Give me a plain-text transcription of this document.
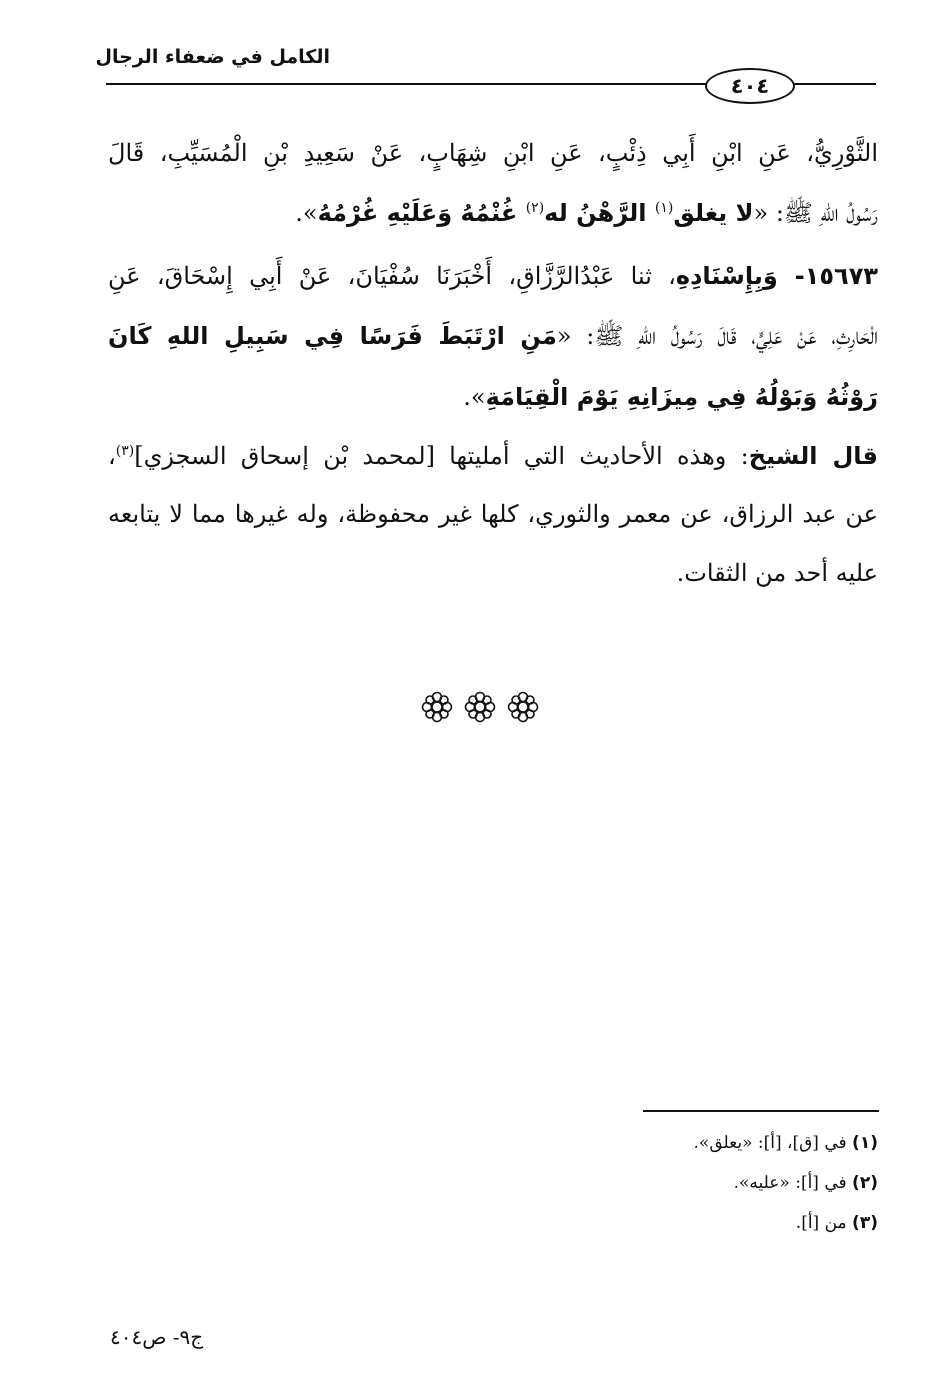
الكامل في ضعفاء الرجال
٤٠٤
الثَّوْرِيُّ، عَنِ ابْنِ أَبِي ذِئْبٍ، عَنِ ابْنِ شِهَابٍ، عَنْ سَعِيدِ بْنِ الْمُسَيِّبِ، قَالَ
رَسُولُ اللهِ ﷺ: «لا يغلق$^{(١)}$ الرَّهْنُ له$^{(٢)}$ غُنْمُهُ وَعَلَيْهِ غُرْمُهُ».
١٥٦٧٣- وَبِإِسْنَادِهِ، ثنا عَبْدُالرَّزَّاقِ، أَخْبَرَنَا سُفْيَانَ، عَنْ أَبِي إِسْحَاقَ، عَنِ
الْحَارِثِ، عَنْ عَلِيٍّ، قَالَ رَسُولُ اللهِ ﷺ: «مَنِ ارْتَبَطَ فَرَسًا فِي سَبِيلِ اللهِ كَانَ
رَوْثُهُ وَبَوْلُهُ فِي مِيزَانِهِ يَوْمَ الْقِيَامَةِ».
قال الشيخ: وهذه الأحاديث التي أمليتها [لمحمد بْن إسحاق السجزي]$^{(٣)}$،
عن عبد الرزاق، عن معمر والثوري، كلها غير محفوظة، وله غيرها مما لا يتابعه
عليه أحد من الثقات.
(١) في [ق]، [أ]: «يعلق».
(٢) في [أ]: «عليه».
(٣) من [أ].
ج٩- ص٤٠٤
